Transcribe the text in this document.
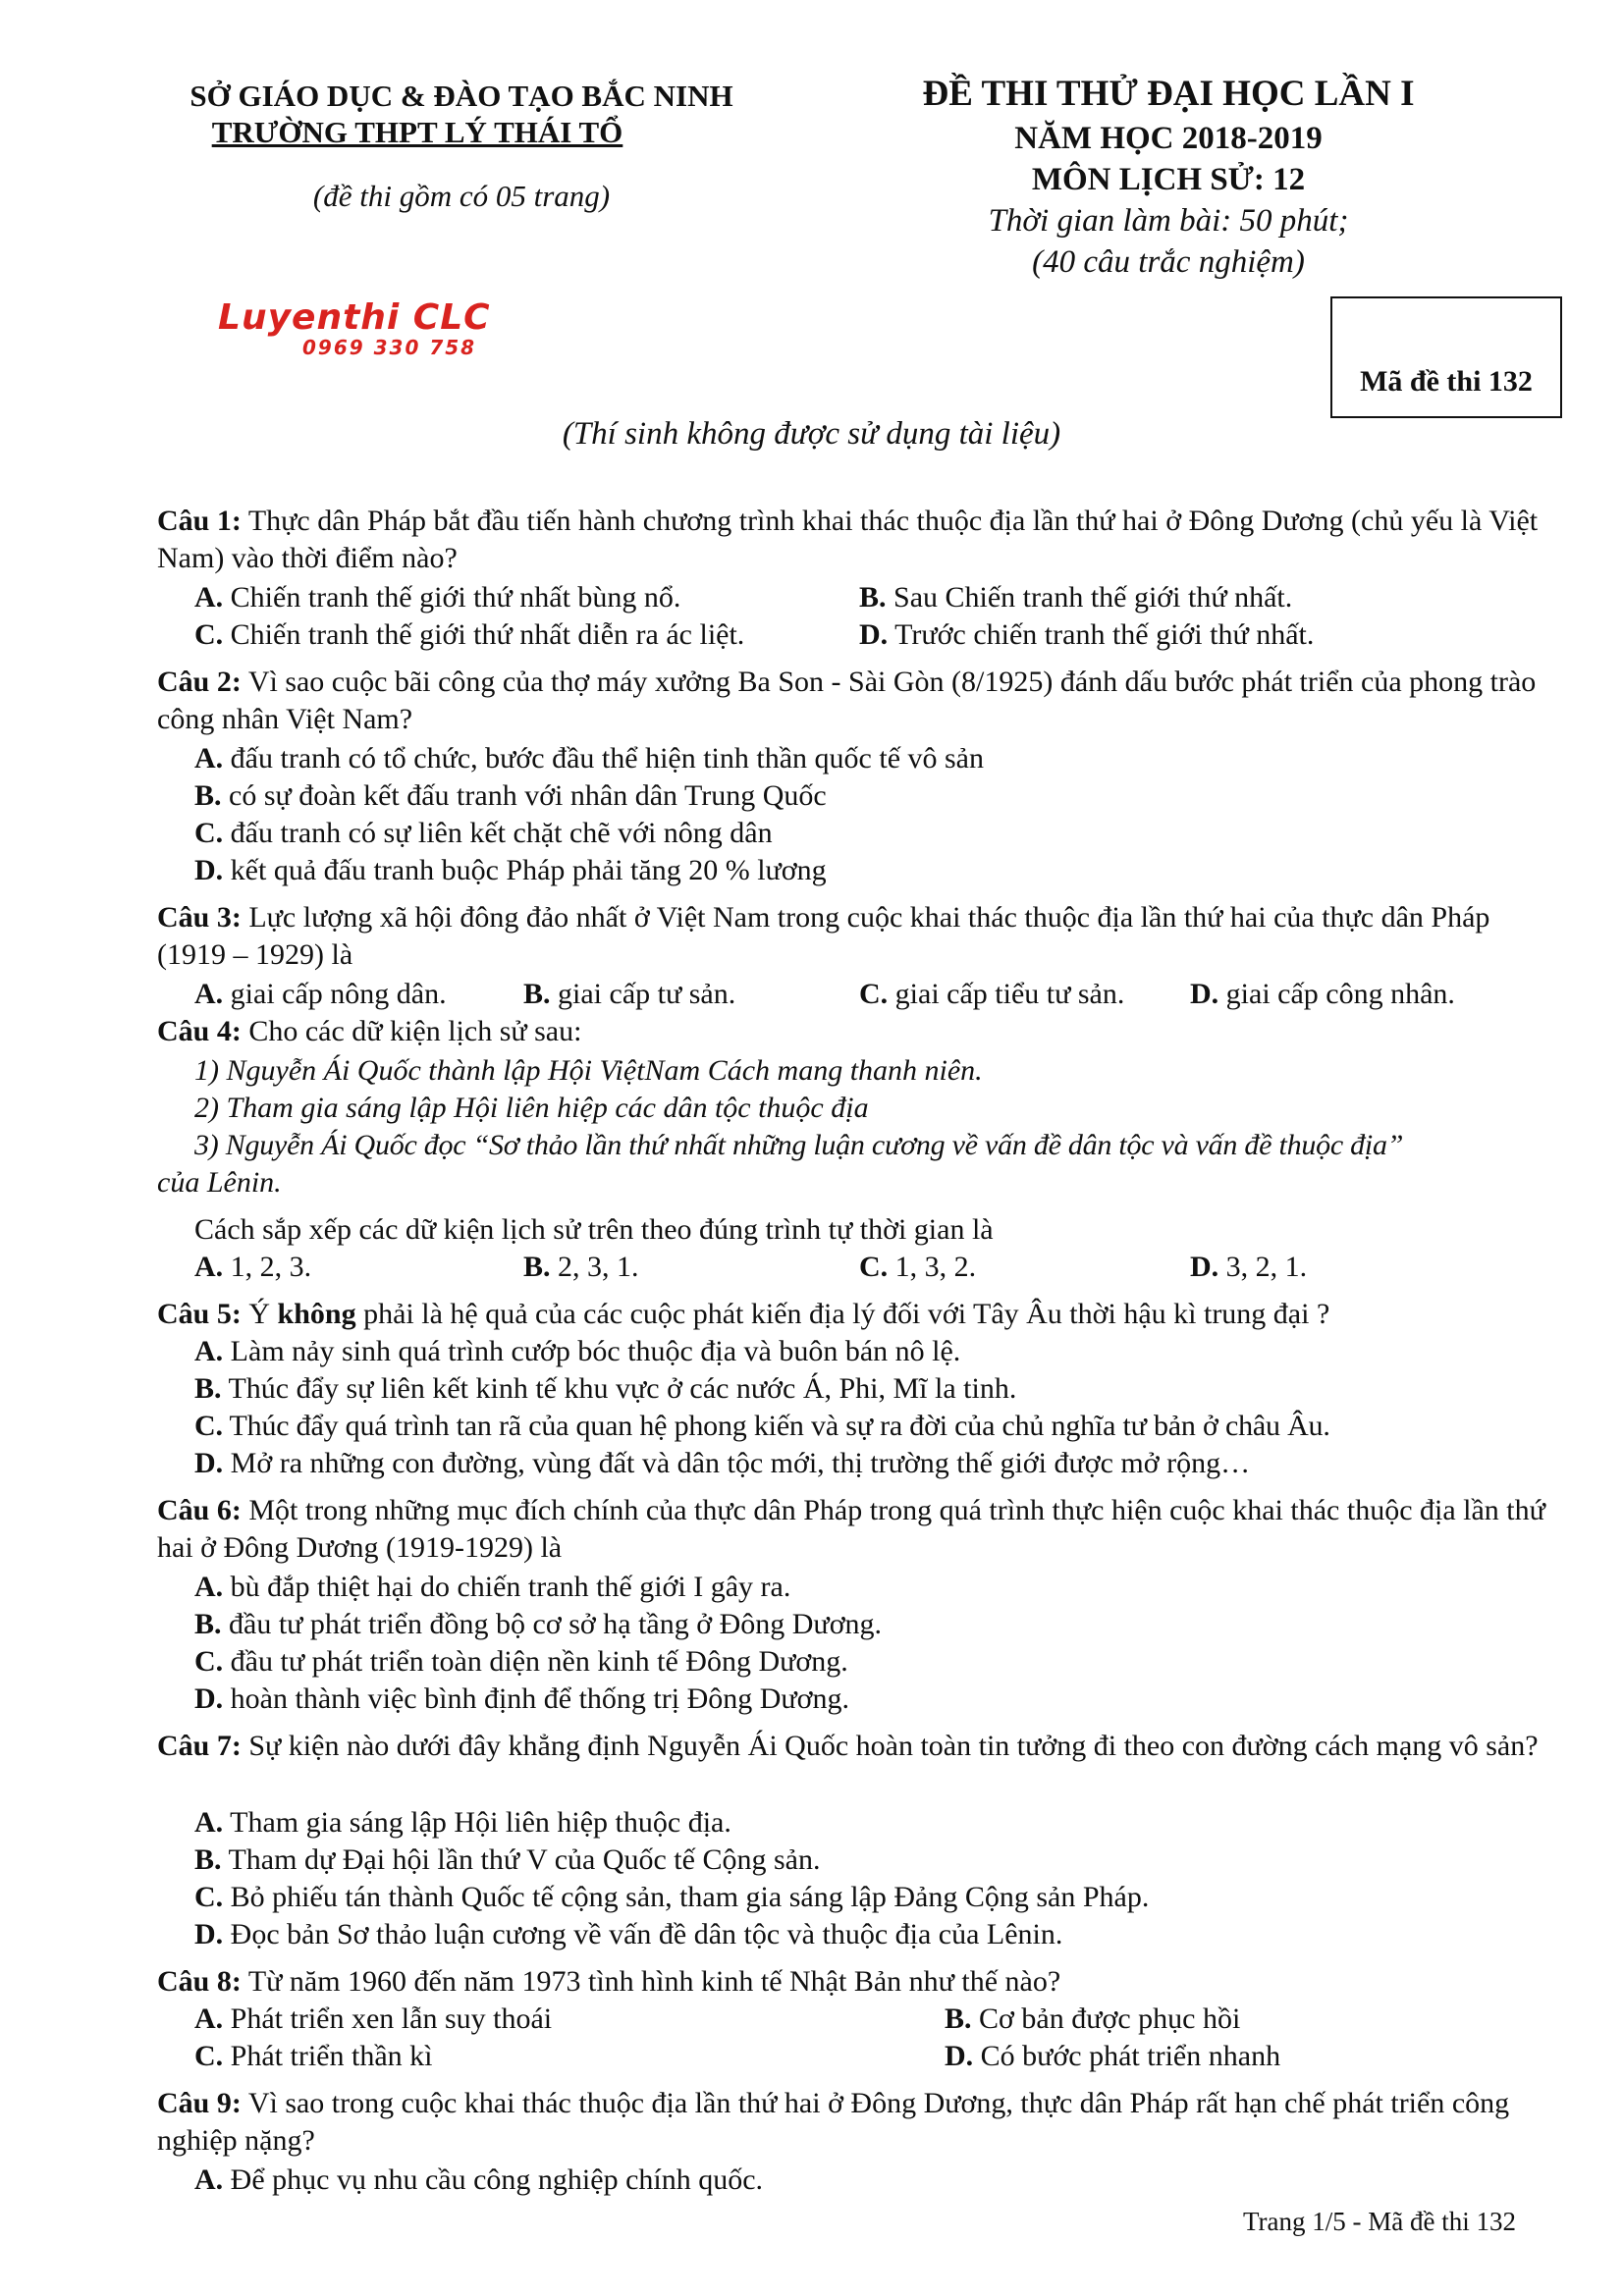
SỞ GIÁO DỤC & ĐÀO TẠO BẮC NINH
TRƯỜNG THPT LÝ THÁI TỔ
(đề thi gồm có 05 trang)
ĐỀ THI THỬ ĐẠI HỌC LẦN I
NĂM HỌC 2018-2019
MÔN LỊCH SỬ: 12
Thời gian làm bài: 50 phút;
(40 câu trắc nghiệm)
Luyenthi CLC
0969 330 758
Mã đề thi 132
(Thí sinh không được sử dụng tài liệu)
Câu 1: Thực dân Pháp bắt đầu tiến hành chương trình khai thác thuộc địa lần thứ hai ở Đông Dương (chủ yếu là Việt Nam) vào thời điểm nào?
A. Chiến tranh thế giới thứ nhất bùng nổ.	B. Sau Chiến tranh thế giới thứ nhất.
C. Chiến tranh thế giới thứ nhất diễn ra ác liệt.	D. Trước chiến tranh thế giới thứ nhất.
Câu 2: Vì sao cuộc bãi công của thợ máy xưởng Ba Son - Sài Gòn (8/1925) đánh dấu bước phát triển của phong trào công nhân Việt Nam?
A. đấu tranh có tổ chức, bước đầu thể hiện tinh thần quốc tế vô sản
B. có sự đoàn kết đấu tranh với nhân dân Trung Quốc
C. đấu tranh có sự liên kết chặt chẽ với nông dân
D. kết quả đấu tranh buộc Pháp phải tăng 20 % lương
Câu 3: Lực lượng xã hội đông đảo nhất ở Việt Nam trong cuộc khai thác thuộc địa lần thứ hai của thực dân Pháp (1919 – 1929) là
A. giai cấp nông dân.	B. giai cấp tư sản.	C. giai cấp tiểu tư sản. D. giai cấp công nhân.
Câu 4: Cho các dữ kiện lịch sử sau:
1) Nguyễn Ái Quốc thành lập Hội ViệtNam Cách mang thanh niên.
2) Tham gia sáng lập Hội liên hiệp các dân tộc thuộc địa
3) Nguyễn Ái Quốc đọc “Sơ thảo lần thứ nhất những luận cương về vấn đề dân tộc và vấn đề thuộc địa”
của Lênin.
Cách sắp xếp các dữ kiện lịch sử trên theo đúng trình tự thời gian là
A. 1, 2, 3.	B. 2, 3, 1.	C. 1, 3, 2.	D. 3, 2, 1.
Câu 5: Ý không phải là hệ quả của các cuộc phát kiến địa lý đối với Tây Âu thời hậu kì trung đại ?
A. Làm nảy sinh quá trình cướp bóc thuộc địa và buôn bán nô lệ.
B. Thúc đẩy sự liên kết kinh tế khu vực ở các nước Á, Phi, Mĩ la tinh.
C. Thúc đẩy quá trình tan rã của quan hệ phong kiến và sự ra đời của chủ nghĩa tư bản ở châu Âu.
D. Mở ra những con đường, vùng đất và dân tộc mới, thị trường thế giới được mở rộng…
Câu 6: Một trong những mục đích chính của thực dân Pháp trong quá trình thực hiện cuộc khai thác thuộc địa lần thứ hai ở Đông Dương (1919-1929) là
A. bù đắp thiệt hại do chiến tranh thế giới I gây ra.
B. đầu tư phát triển đồng bộ cơ sở hạ tầng ở Đông Dương.
C. đầu tư phát triển toàn diện nền kinh tế Đông Dương.
D. hoàn thành việc bình định để thống trị Đông Dương.
Câu 7: Sự kiện nào dưới đây khẳng định Nguyễn Ái Quốc hoàn toàn tin tưởng đi theo con đường cách mạng vô sản?
A. Tham gia sáng lập Hội liên hiệp thuộc địa.
B. Tham dự Đại hội lần thứ V của Quốc tế Cộng sản.
C. Bỏ phiếu tán thành Quốc tế cộng sản, tham gia sáng lập Đảng Cộng sản Pháp.
D. Đọc bản Sơ thảo luận cương về vấn đề dân tộc và thuộc địa của Lênin.
Câu 8: Từ năm 1960 đến năm 1973 tình hình kinh tế Nhật Bản như thế nào?
A. Phát triển xen lẫn suy thoái	B. Cơ bản được phục hồi
C. Phát triển thần kì	D. Có bước phát triển nhanh
Câu 9: Vì sao trong cuộc khai thác thuộc địa lần thứ hai ở Đông Dương, thực dân Pháp rất hạn chế phát triển công nghiệp nặng?
A. Để phục vụ nhu cầu công nghiệp chính quốc.
Trang 1/5 - Mã đề thi 132
